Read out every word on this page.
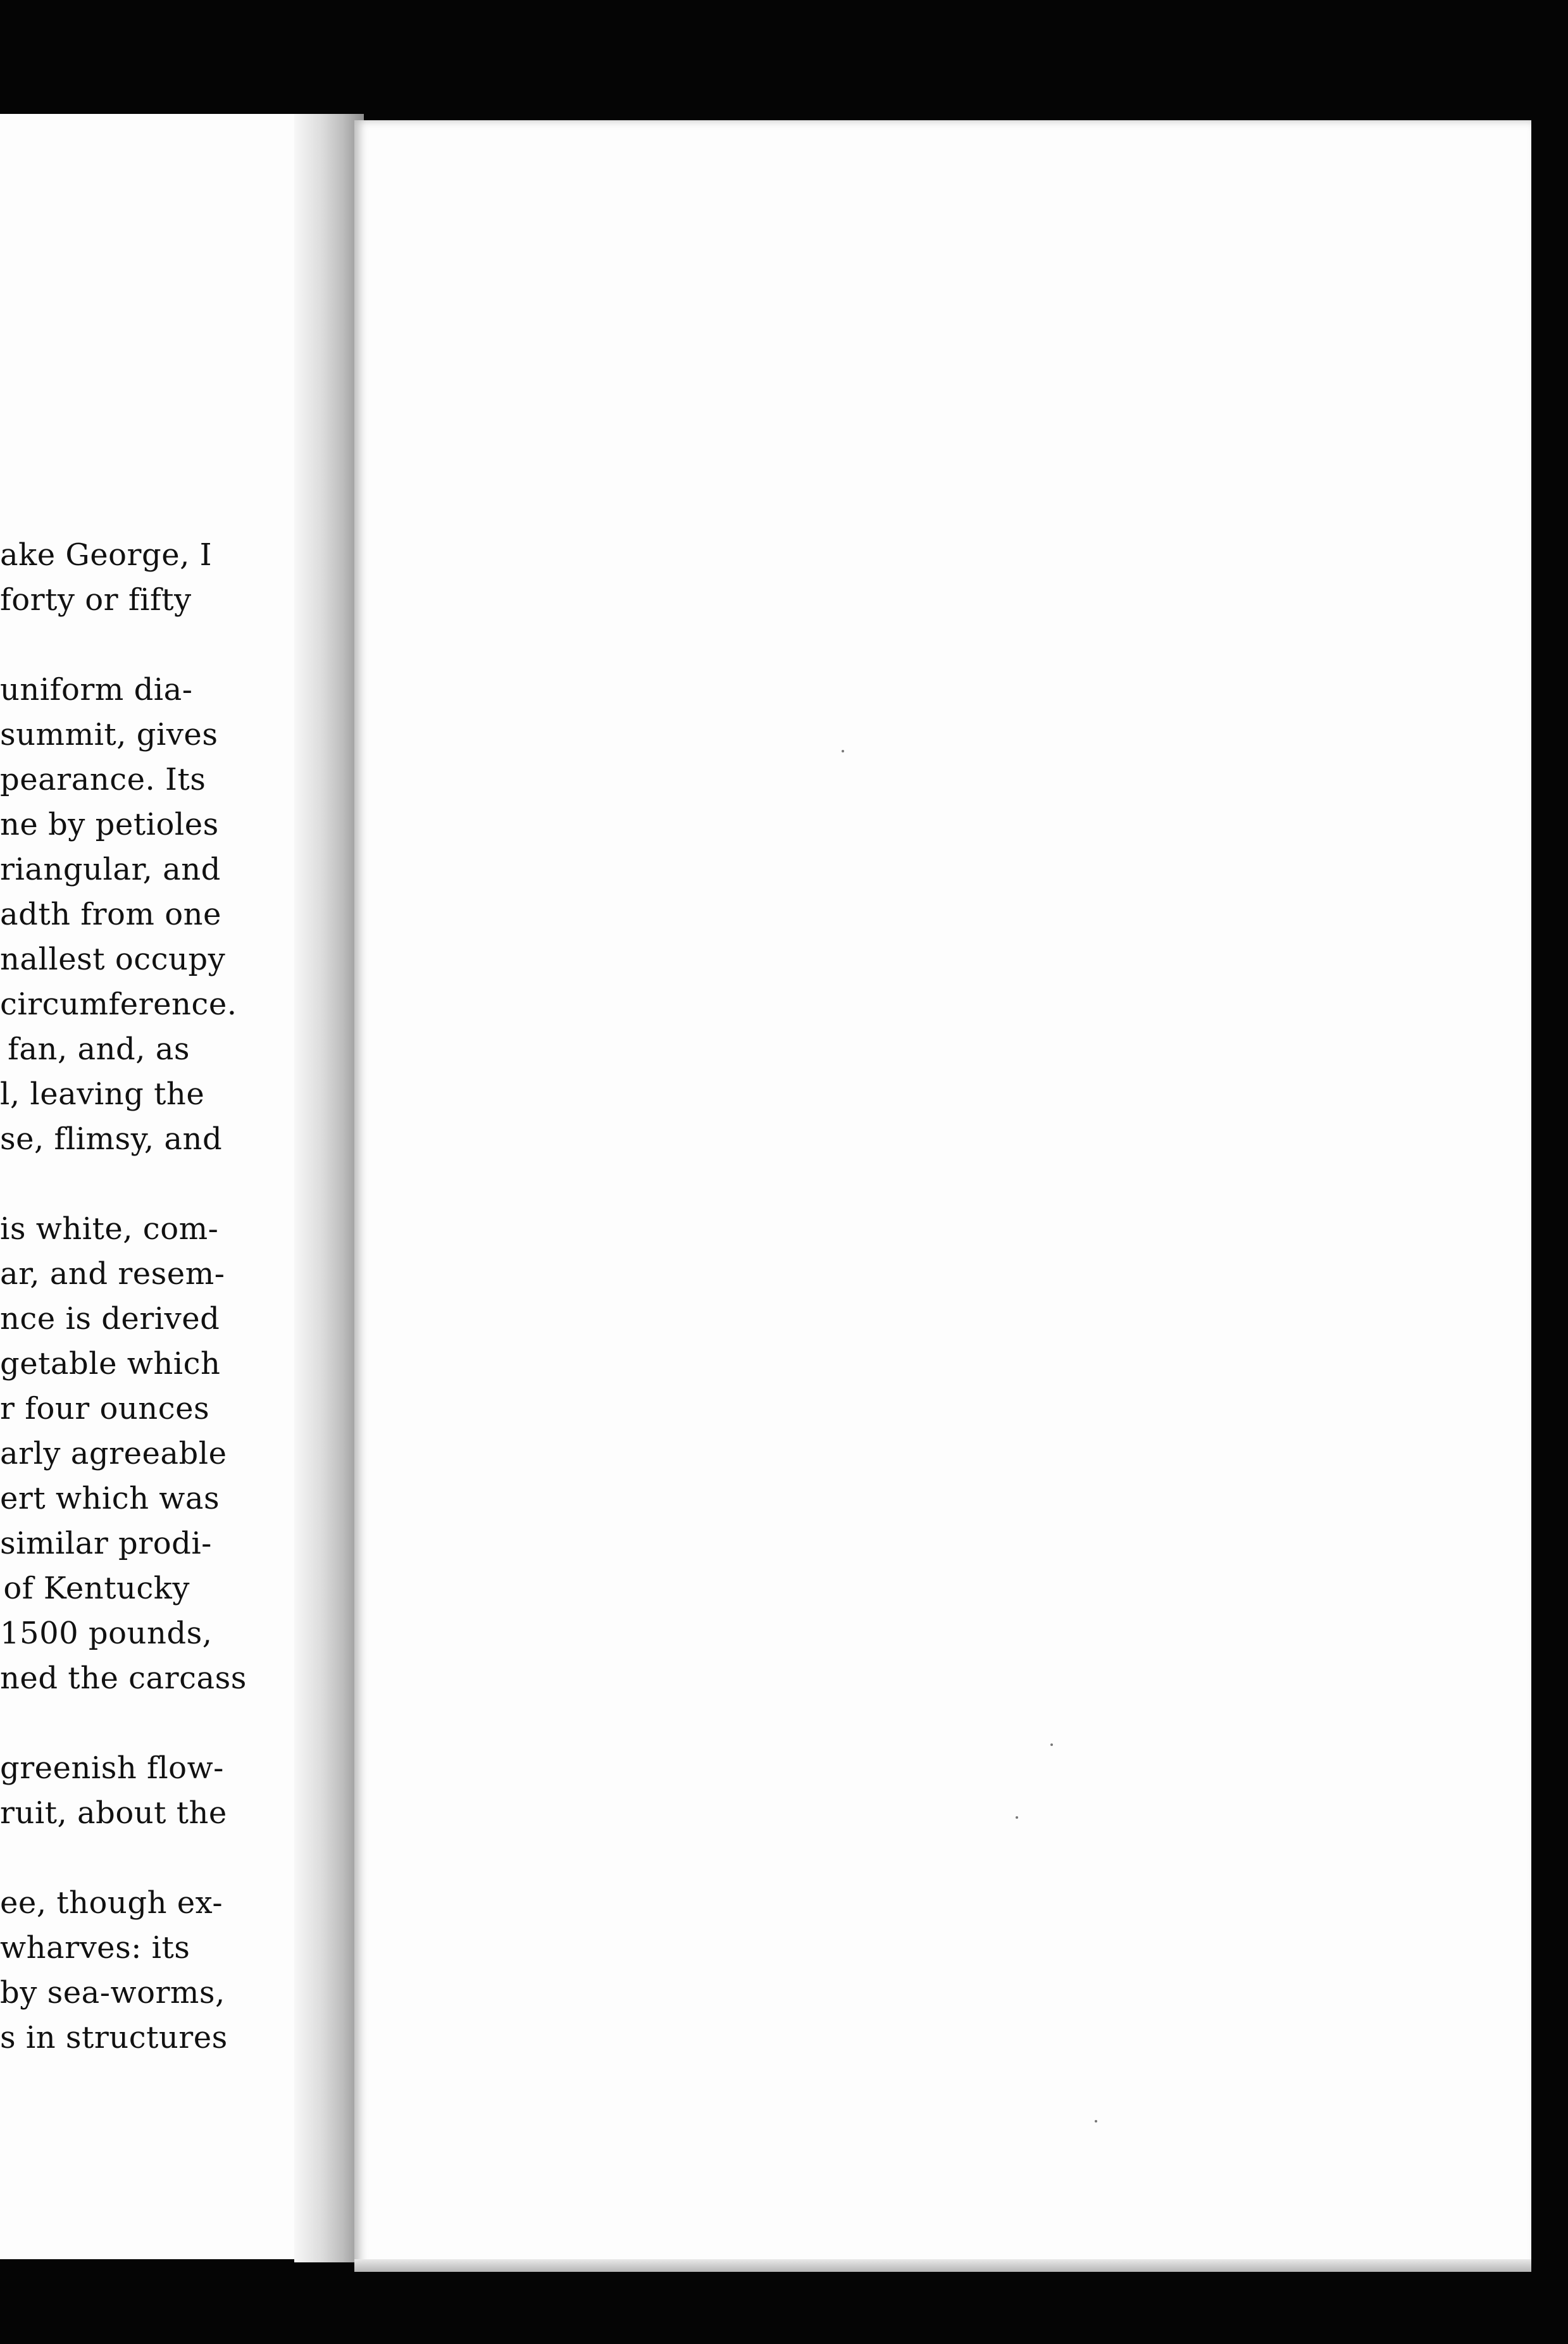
ake George, I
forty or fifty
uniform dia-
summit, gives
pearance. Its
ne by petioles
riangular, and
adth from one
nallest occupy
circumference.
fan, and, as
l, leaving the
se, flimsy, and
is white, com-
ar, and resem-
nce is derived
getable which
r four ounces
arly agreeable
ert which was
similar prodi-
of Kentucky
1500 pounds,
ned the carcass
greenish flow-
ruit, about the
ee, though ex-
wharves: its
by sea-worms,
s in structures
